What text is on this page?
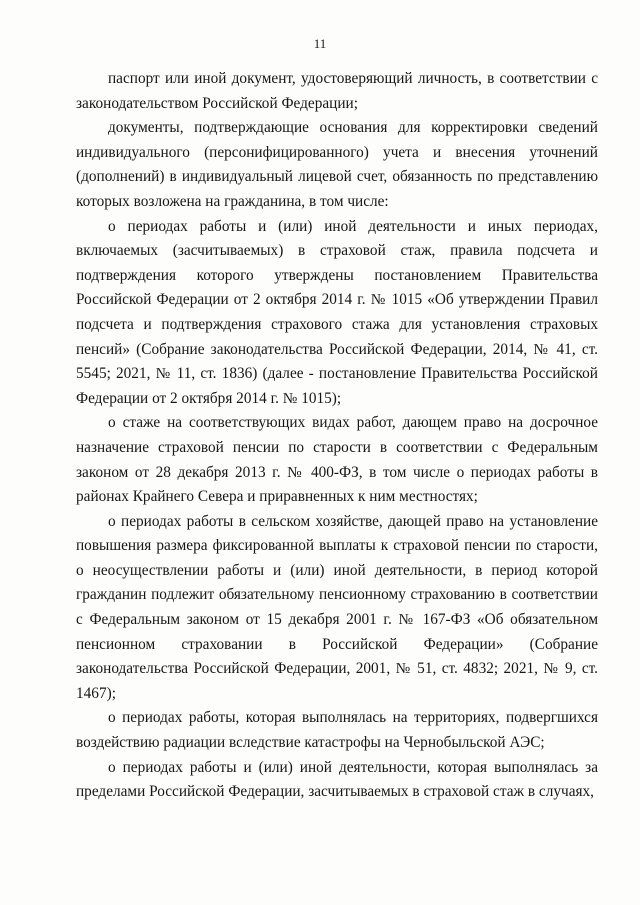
11

паспорт или иной документ, удостоверяющий личность, в соответствии с законодательством Российской Федерации;

документы, подтверждающие основания для корректировки сведений индивидуального (персонифицированного) учета и внесения уточнений (дополнений) в индивидуальный лицевой счет, обязанность по представлению которых возложена на гражданина, в том числе:

о периодах работы и (или) иной деятельности и иных периодах, включаемых (засчитываемых) в страховой стаж, правила подсчета и подтверждения которого утверждены постановлением Правительства Российской Федерации от 2 октября 2014 г. № 1015 «Об утверждении Правил подсчета и подтверждения страхового стажа для установления страховых пенсий» (Собрание законодательства Российской Федерации, 2014, № 41, ст. 5545; 2021, № 11, ст. 1836) (далее - постановление Правительства Российской Федерации от 2 октября 2014 г. № 1015);

о стаже на соответствующих видах работ, дающем право на досрочное назначение страховой пенсии по старости в соответствии с Федеральным законом от 28 декабря 2013 г. № 400-ФЗ, в том числе о периодах работы в районах Крайнего Севера и приравненных к ним местностях;

о периодах работы в сельском хозяйстве, дающей право на установление повышения размера фиксированной выплаты к страховой пенсии по старости, о неосуществлении работы и (или) иной деятельности, в период которой гражданин подлежит обязательному пенсионному страхованию в соответствии с Федеральным законом от 15 декабря 2001 г. № 167-ФЗ «Об обязательном пенсионном страховании в Российской Федерации» (Собрание законодательства Российской Федерации, 2001, № 51, ст. 4832; 2021, № 9, ст. 1467);

о периодах работы, которая выполнялась на территориях, подвергшихся воздействию радиации вследствие катастрофы на Чернобыльской АЭС;

о периодах работы и (или) иной деятельности, которая выполнялась за пределами Российской Федерации, засчитываемых в страховой стаж в случаях,
